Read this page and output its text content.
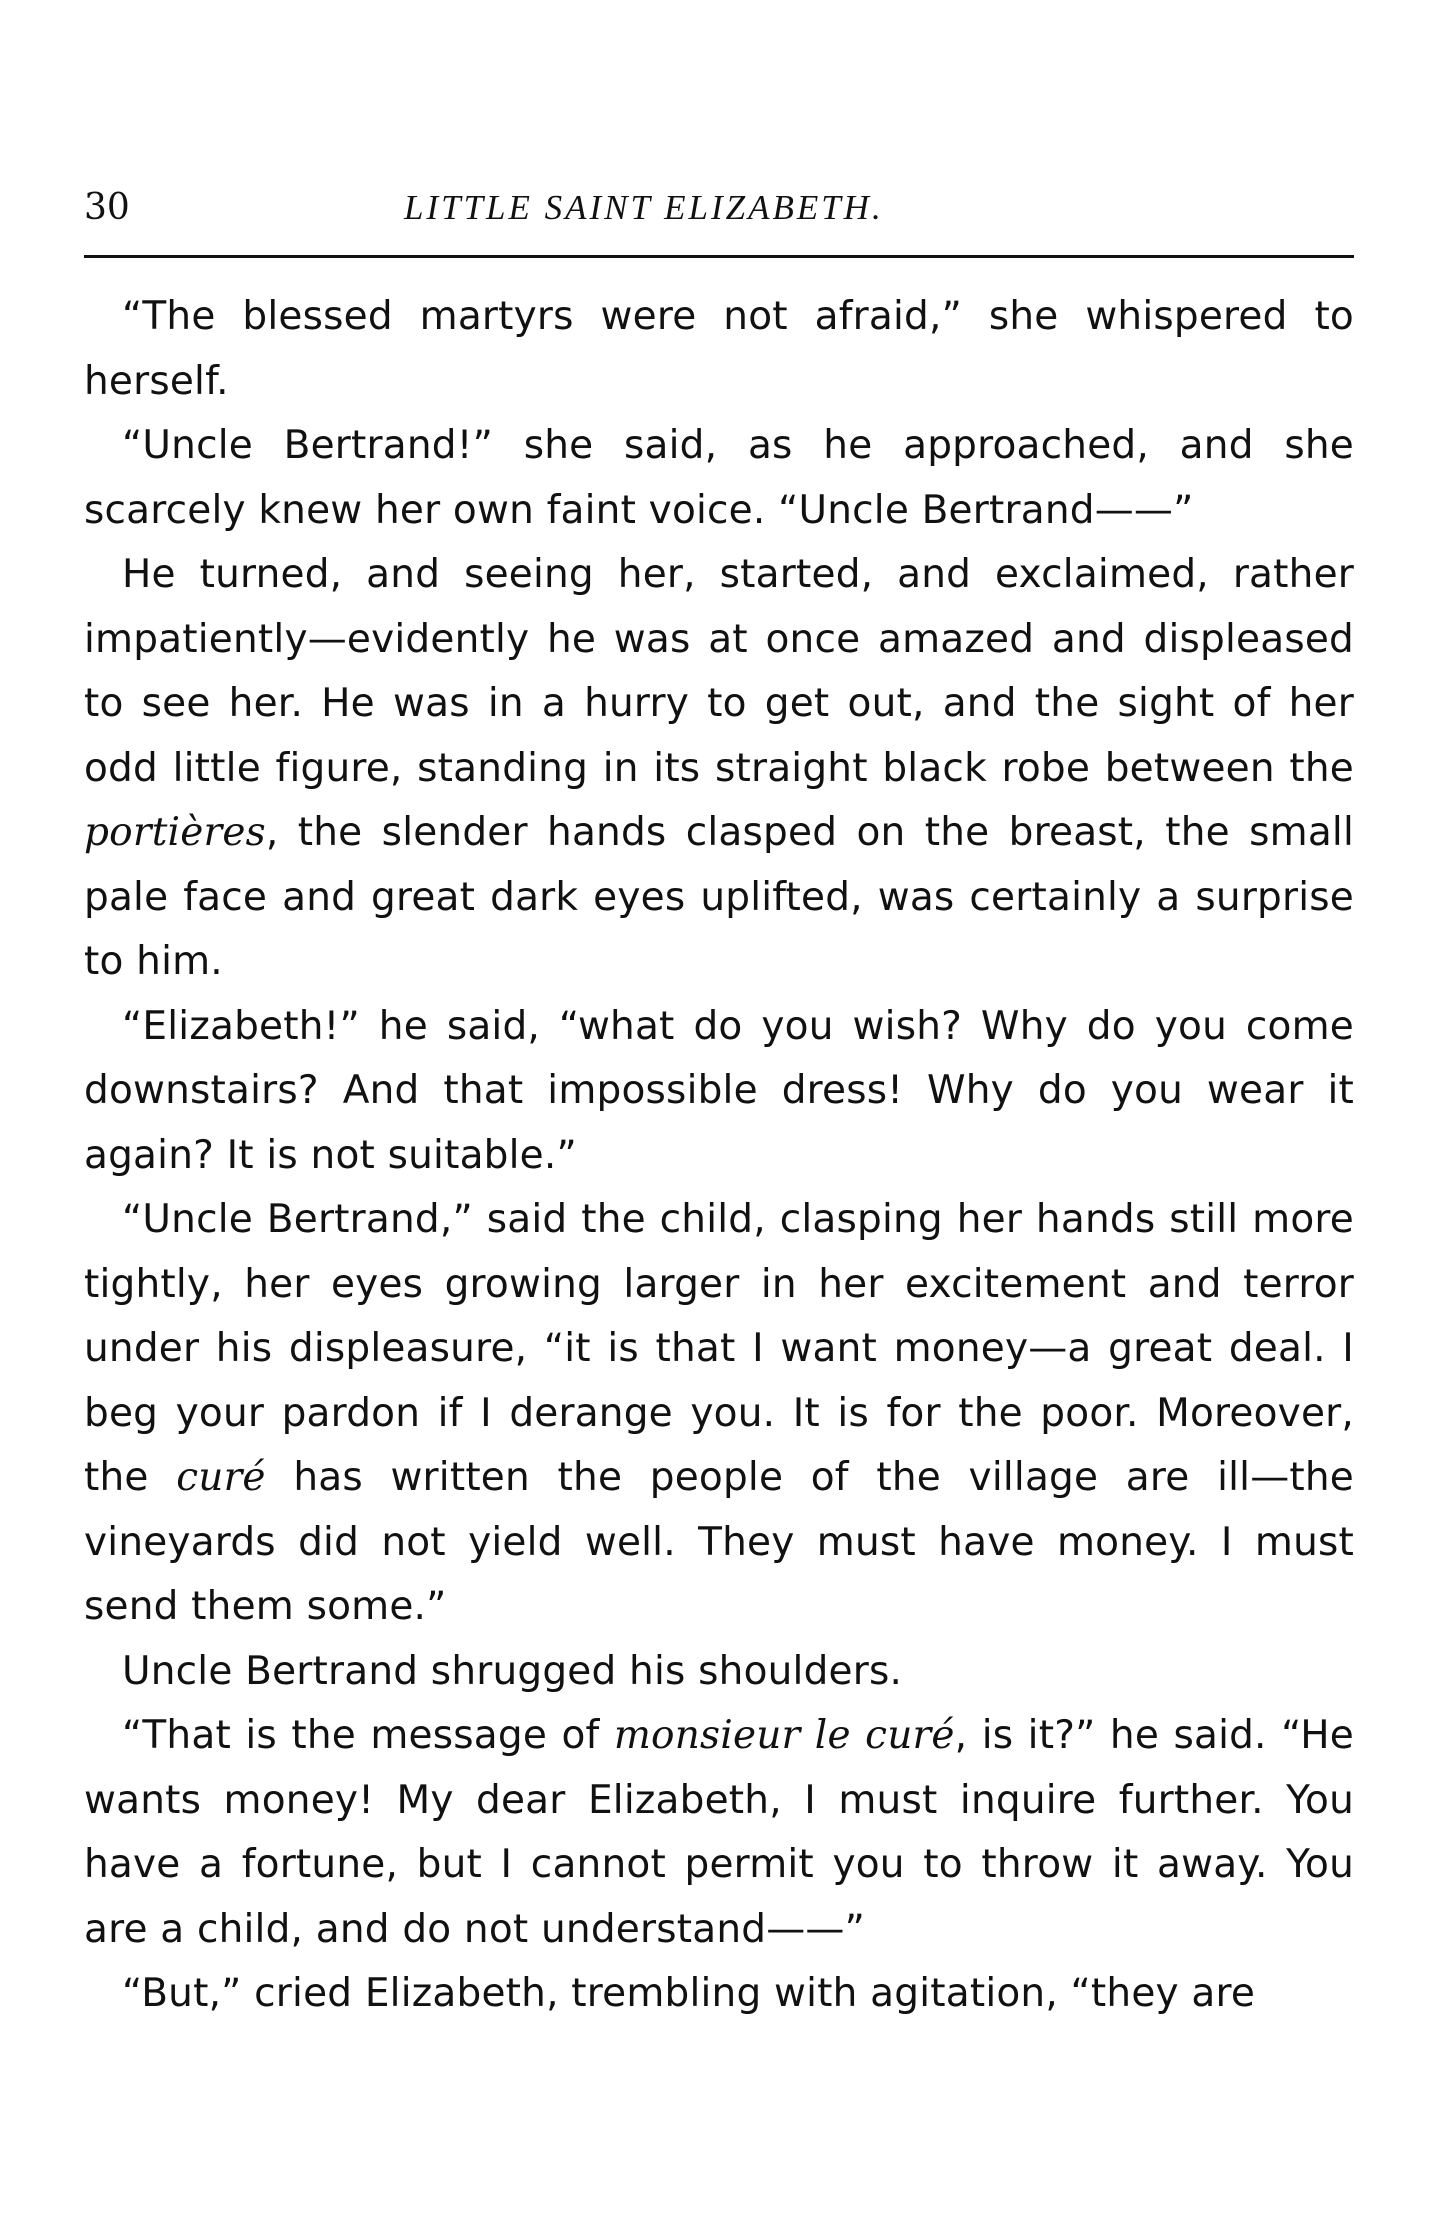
30	LITTLE SAINT ELIZABETH.

“The blessed martyrs were not afraid,” she whispered to herself.

“Uncle Bertrand!” she said, as he approached, and she scarcely knew her own faint voice. “Uncle Bertrand——”

He turned, and seeing her, started, and exclaimed, rather impatiently—evidently he was at once amazed and displeased to see her. He was in a hurry to get out, and the sight of her odd little figure, standing in its straight black robe between the portières, the slender hands clasped on the breast, the small pale face and great dark eyes uplifted, was certainly a surprise to him.

“Elizabeth!” he said, “what do you wish? Why do you come downstairs? And that impossible dress! Why do you wear it again? It is not suitable.”

“Uncle Bertrand,” said the child, clasping her hands still more tightly, her eyes growing larger in her excitement and terror under his displeasure, “it is that I want money—a great deal. I beg your pardon if I derange you. It is for the poor. Moreover, the curé has written the people of the village are ill—the vineyards did not yield well. They must have money. I must send them some.”

Uncle Bertrand shrugged his shoulders.

“That is the message of monsieur le curé, is it?” he said. “He wants money! My dear Elizabeth, I must inquire further. You have a fortune, but I cannot permit you to throw it away. You are a child, and do not understand——”

“But,” cried Elizabeth, trembling with agitation, “they are
